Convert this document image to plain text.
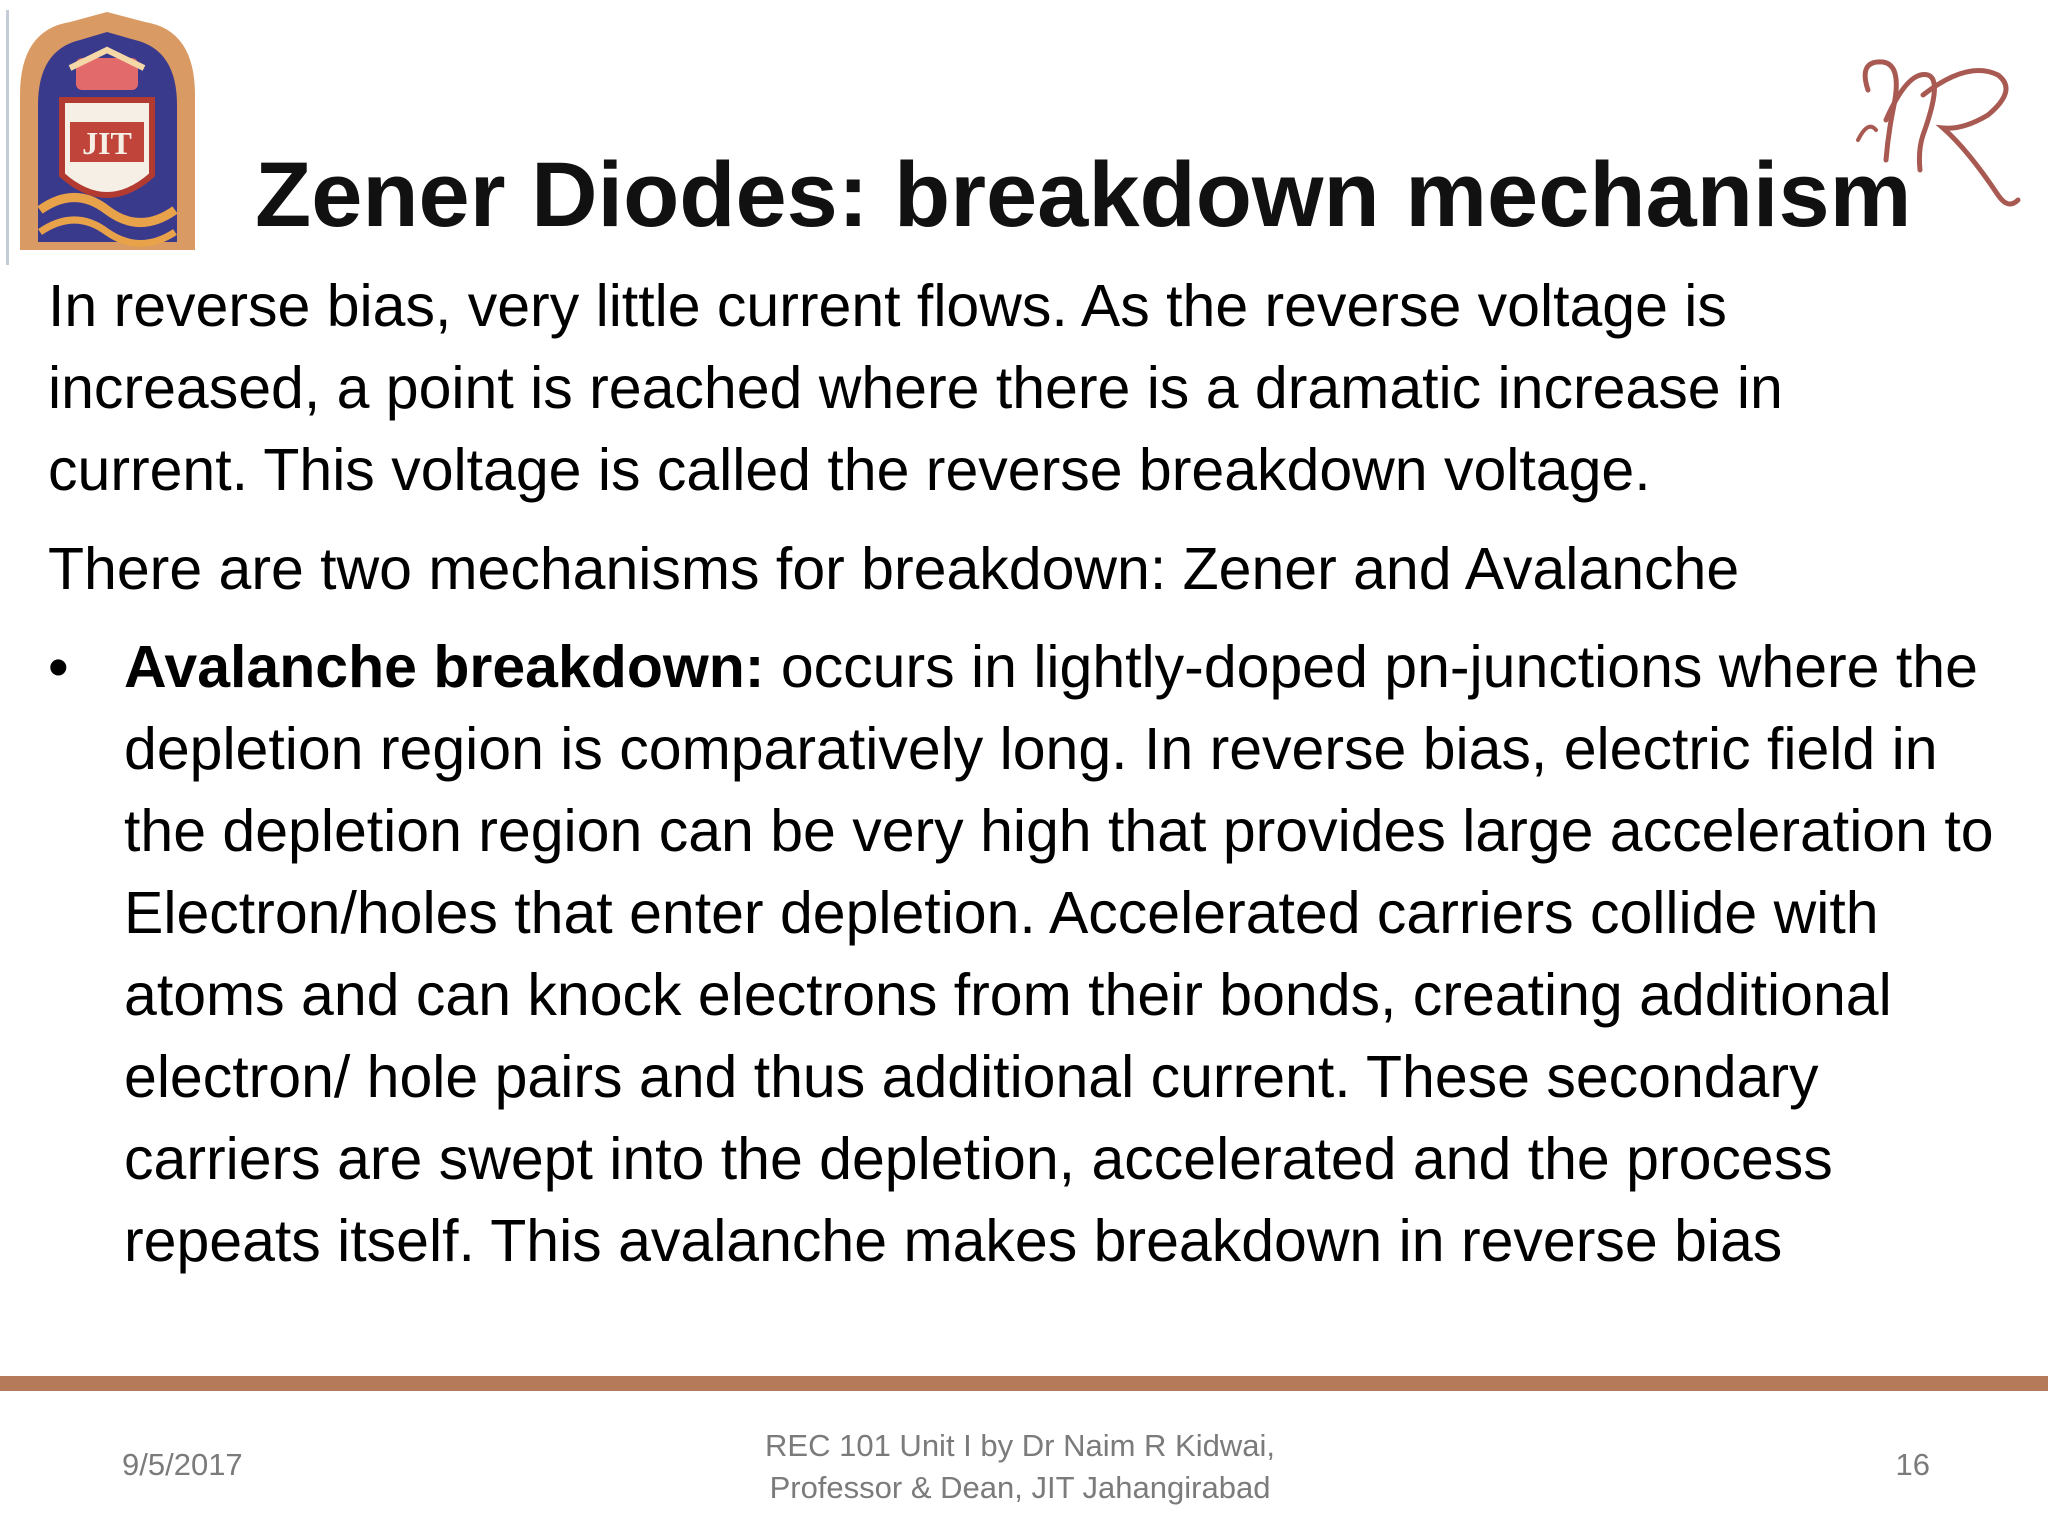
JIT
Zener Diodes: breakdown mechanism

In reverse bias, very little current flows. As the reverse voltage is increased, a point is reached where there is a dramatic increase in current. This voltage is called the reverse breakdown voltage.

There are two mechanisms for breakdown: Zener and Avalanche

• Avalanche breakdown: occurs in lightly-doped pn-junctions where the depletion region is comparatively long. In reverse bias, electric field in the depletion region can be very high that provides large acceleration to Electron/holes that enter depletion. Accelerated carriers collide with atoms and can knock electrons from their bonds, creating additional electron/ hole pairs and thus additional current. These secondary carriers are swept into the depletion, accelerated and the process repeats itself. This avalanche makes breakdown in reverse bias
9/5/2017
REC 101 Unit I by Dr Naim R Kidwai,
Professor & Dean, JIT Jahangirabad
16
